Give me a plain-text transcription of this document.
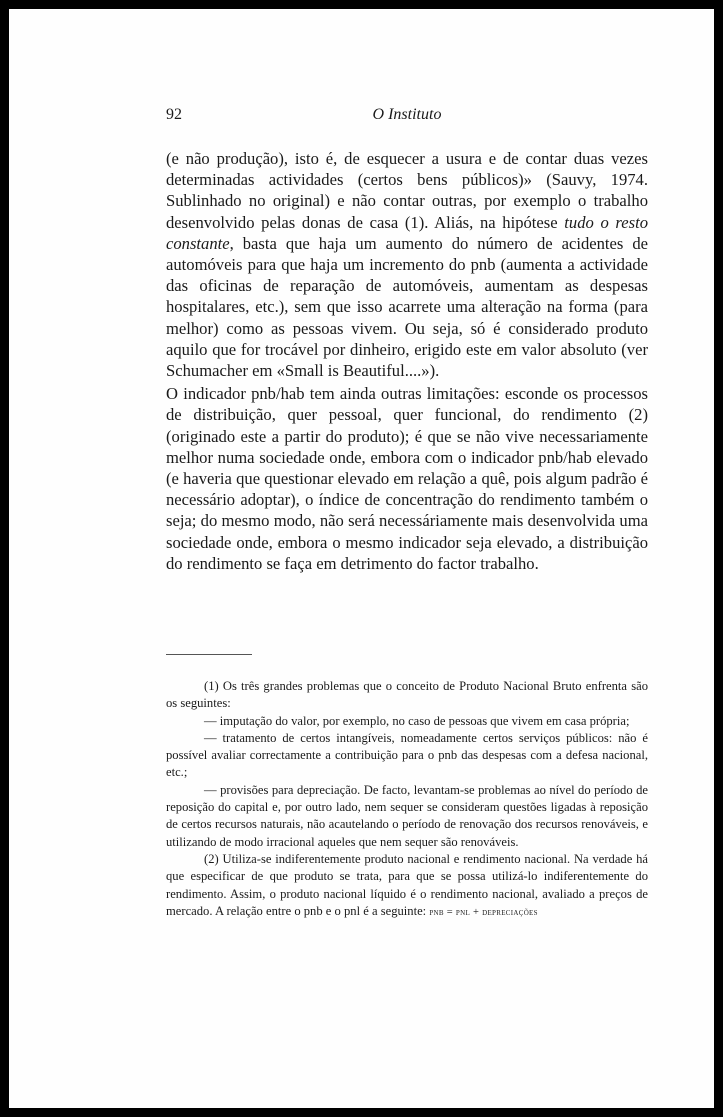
92	O Instituto

(e não produção), isto é, de esquecer a usura e de contar duas vezes determinadas actividades (certos bens públicos)» (Sauvy, 1974. Sublinhado no original) e não contar outras, por exemplo o trabalho desenvolvido pelas donas de casa (1). Aliás, na hipótese tudo o resto constante, basta que haja um aumento do número de acidentes de automóveis para que haja um incremento do pnb (aumenta a actividade das oficinas de reparação de automóveis, aumentam as despesas hospitalares, etc.), sem que isso acarrete uma alteração na forma (para melhor) como as pessoas vivem. Ou seja, só é considerado produto aquilo que for trocável por dinheiro, erigido este em valor absoluto (ver Schumacher em «Small is Beautiful....»).

O indicador pnb/hab tem ainda outras limitações: esconde os processos de distribuição, quer pessoal, quer funcional, do rendimento (2) (originado este a partir do produto); é que se não vive necessariamente melhor numa sociedade onde, embora com o indicador pnb/hab elevado (e haveria que questionar elevado em relação a quê, pois algum padrão é necessário adoptar), o índice de concentração do rendimento também o seja; do mesmo modo, não será necessáriamente mais desenvolvida uma sociedade onde, embora o mesmo indicador seja elevado, a distribuição do rendimento se faça em detrimento do factor trabalho.

(1) Os três grandes problemas que o conceito de Produto Nacional Bruto enfrenta são os seguintes:

— imputação do valor, por exemplo, no caso de pessoas que vivem em casa própria;

— tratamento de certos intangíveis, nomeadamente certos serviços públicos: não é possível avaliar correctamente a contribuição para o pnb das despesas com a defesa nacional, etc.;

— provisões para depreciação. De facto, levantam-se problemas ao nível do período de reposição do capital e, por outro lado, nem sequer se consideram questões ligadas à reposição de certos recursos naturais, não acautelando o período de renovação dos recursos renováveis, e utilizando de modo irracional aqueles que nem sequer são renováveis.

(2) Utiliza-se indiferentemente produto nacional e rendimento nacional. Na verdade há que especificar de que produto se trata, para que se possa utilizá-lo indiferentemente do rendimento. Assim, o produto nacional líquido é o rendimento nacional, avaliado a preços de mercado. A relação entre o pnb e o pnl é a seguinte: pnb = pnl + depreciações
